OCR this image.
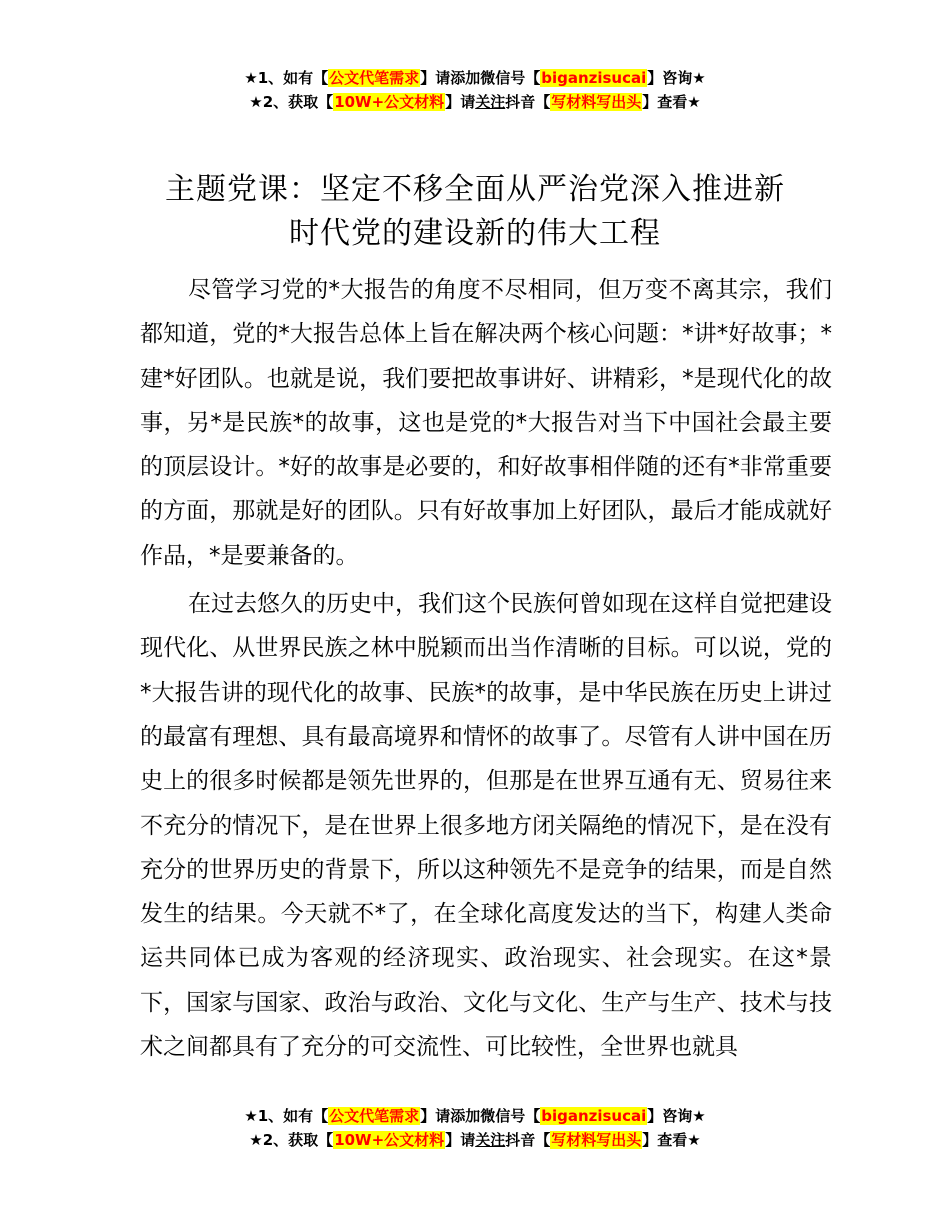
★1、如有【公文代笔需求】请添加微信号【biganzisucai】咨询★
★2、获取【10W+公文材料】请关注抖音【写材料写出头】查看★
主题党课：坚定不移全面从严治党深入推进新
时代党的建设新的伟大工程

尽管学习党的*大报告的角度不尽相同，但万变不离其宗，我们都知道，党的*大报告总体上旨在解决两个核心问题：*讲*好故事；*建*好团队。也就是说，我们要把故事讲好、讲精彩，*是现代化的故事，另*是民族*的故事，这也是党的*大报告对当下中国社会最主要的顶层设计。*好的故事是必要的，和好故事相伴随的还有*非常重要的方面，那就是好的团队。只有好故事加上好团队，最后才能成就好作品，*是要兼备的。

在过去悠久的历史中，我们这个民族何曾如现在这样自觉把建设现代化、从世界民族之林中脱颖而出当作清晰的目标。可以说，党的*大报告讲的现代化的故事、民族*的故事，是中华民族在历史上讲过的最富有理想、具有最高境界和情怀的故事了。尽管有人讲中国在历史上的很多时候都是领先世界的，但那是在世界互通有无、贸易往来不充分的情况下，是在世界上很多地方闭关隔绝的情况下，是在没有充分的世界历史的背景下，所以这种领先不是竞争的结果，而是自然发生的结果。今天就不*了，在全球化高度发达的当下，构建人类命运共同体已成为客观的经济现实、政治现实、社会现实。在这*景下，国家与国家、政治与政治、文化与文化、生产与生产、技术与技术之间都具有了充分的可交流性、可比较性，全世界也就具

★1、如有【公文代笔需求】请添加微信号【biganzisucai】咨询★
★2、获取【10W+公文材料】请关注抖音【写材料写出头】查看★
